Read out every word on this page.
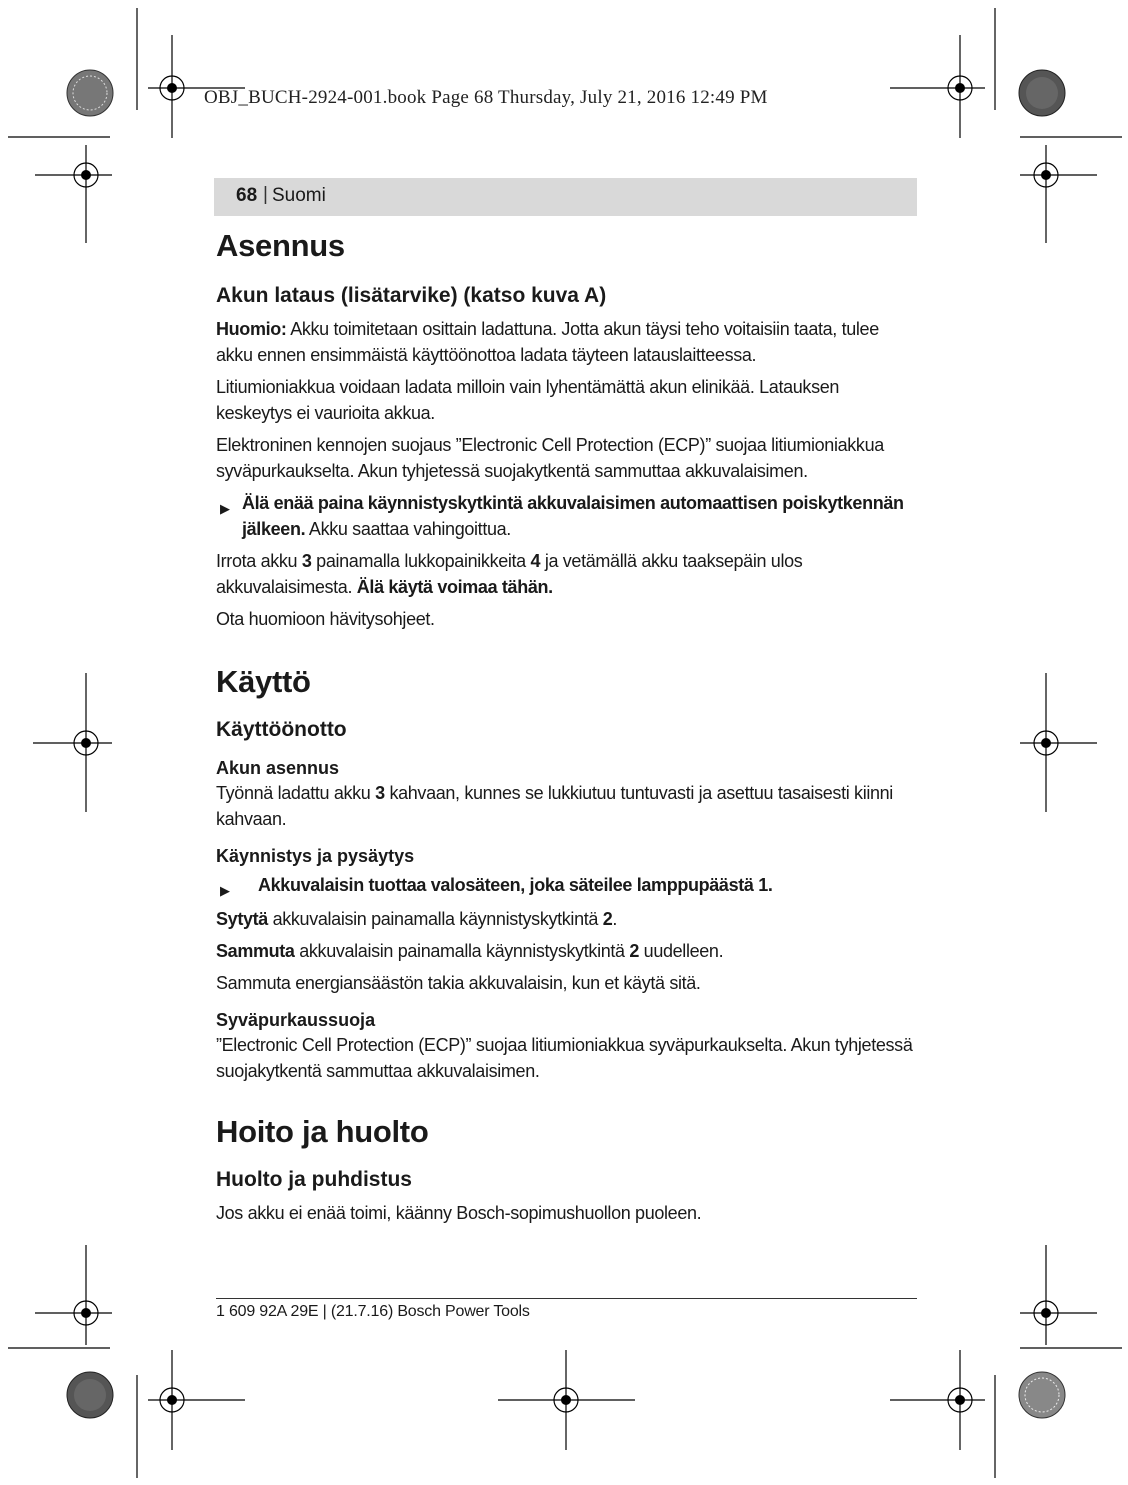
OBJ_BUCH-2924-001.book Page 68 Thursday, July 21, 2016 12:49 PM
68 | Suomi
Asennus
Akun lataus (lisätarvike) (katso kuva A)

Huomio: Akku toimitetaan osittain ladattuna. Jotta akun täysi teho voitaisiin taata, tulee akku ennen ensimmäistä käyttöönottoa ladata täyteen latauslaitteessa.

Litiumioniakkua voidaan ladata milloin vain lyhentämättä akun elinikää. Latauksen keskeytys ei vaurioita akkua.

Elektroninen kennojen suojaus ”Electronic Cell Protection (ECP)” suojaa litiumioniakkua syväpurkaukselta. Akun tyhjetessä suojakytkentä sammuttaa akkuvalaisimen.

▶ Älä enää paina käynnistyskytkintä akkuvalaisimen automaattisen poiskytkennän jälkeen. Akku saattaa vahingoittua.

Irrota akku 3 painamalla lukkopainikkeita 4 ja vetämällä akku taaksepäin ulos akkuvalaisimesta. Älä käytä voimaa tähän.

Ota huomioon hävitysohjeet.

Käyttö
Käyttöönotto
Akun asennus

Työnnä ladattu akku 3 kahvaan, kunnes se lukkiutuu tuntuvasti ja asettuu tasaisesti kiinni kahvaan.

Käynnistys ja pysäytys

▶ Akkuvalaisin tuottaa valosäteen, joka säteilee lamppupäästä 1.

Sytytä akkuvalaisin painamalla käynnistyskytkintä 2.

Sammuta akkuvalaisin painamalla käynnistyskytkintä 2 uudelleen.

Sammuta energiansäästön takia akkuvalaisin, kun et käytä sitä.

Syväpurkaussuoja

”Electronic Cell Protection (ECP)” suojaa litiumioniakkua syväpurkaukselta. Akun tyhjetessä suojakytkentä sammuttaa akkuvalaisimen.

Hoito ja huolto
Huolto ja puhdistus

Jos akku ei enää toimi, käänny Bosch-sopimushuollon puoleen.

1 609 92A 29E | (21.7.16) Bosch Power Tools
